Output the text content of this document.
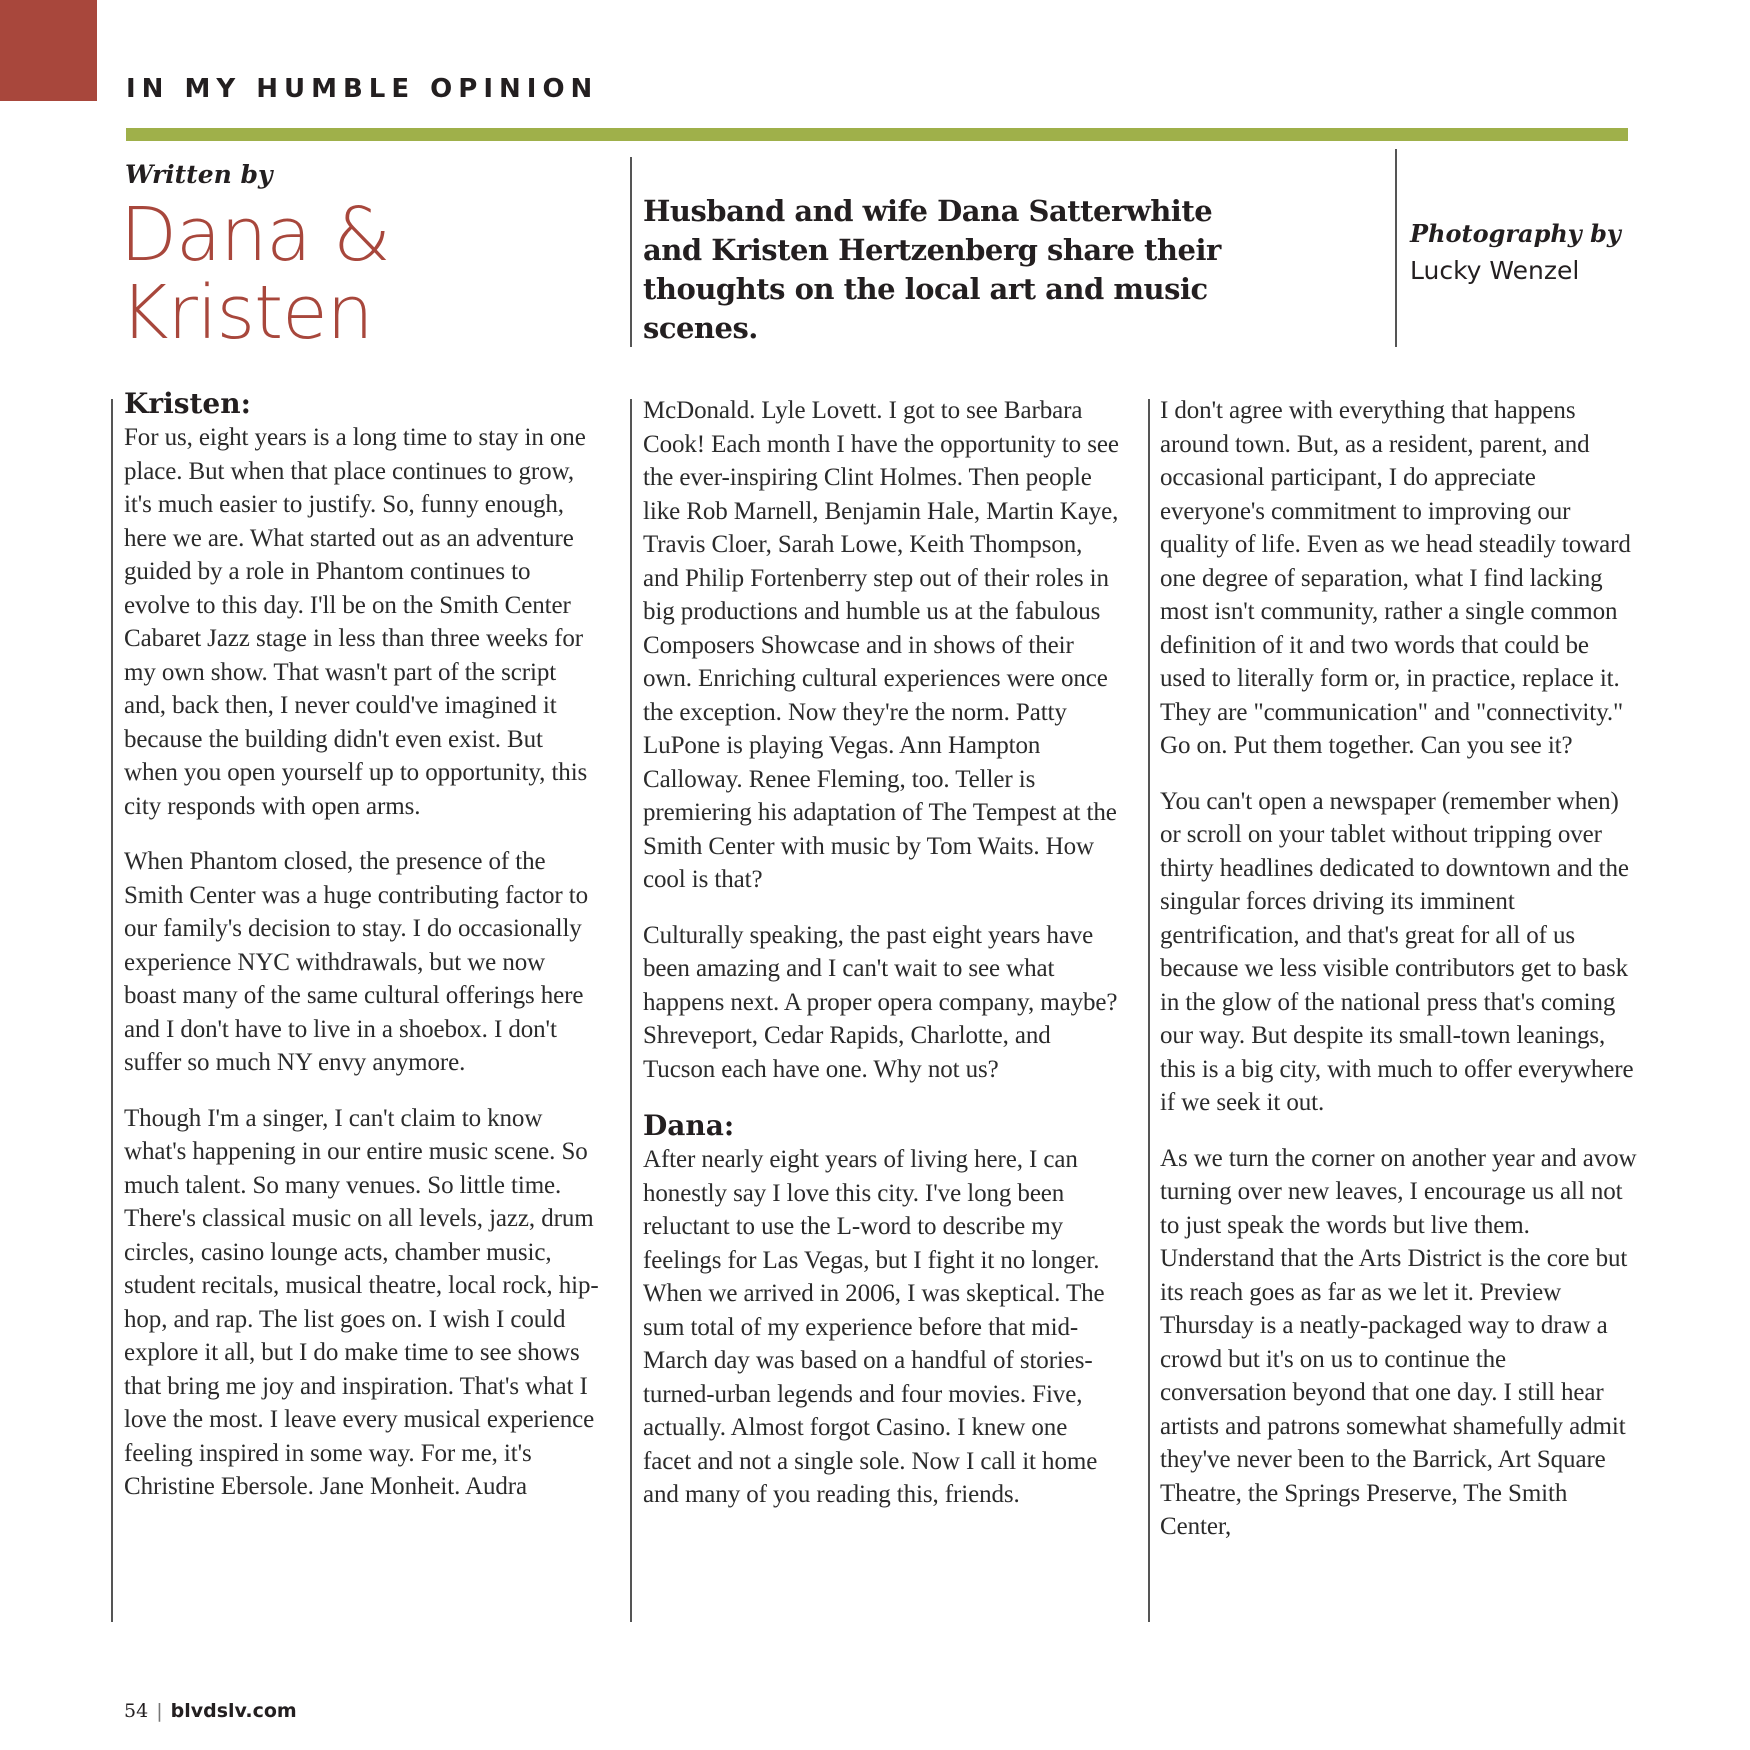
IN MY HUMBLE OPINION
Written by
Dana &
Kristen

Husband and wife Dana Satterwhite and Kristen Hertzenberg share their thoughts on the local art and music scenes.

Photography by
Lucky Wenzel
Kristen:

For us, eight years is a long time to stay in one place. But when that place continues to grow, it's much easier to justify. So, funny enough, here we are. What started out as an adventure guided by a role in Phantom continues to evolve to this day. I'll be on the Smith Center Cabaret Jazz stage in less than three weeks for my own show. That wasn't part of the script and, back then, I never could've imagined it because the building didn't even exist. But when you open yourself up to opportunity, this city responds with open arms.

When Phantom closed, the presence of the Smith Center was a huge contributing factor to our family's decision to stay. I do occasionally experience NYC withdrawals, but we now boast many of the same cultural offerings here and I don't have to live in a shoebox. I don't suffer so much NY envy anymore.

Though I'm a singer, I can't claim to know what's happening in our entire music scene. So much talent. So many venues. So little time. There's classical music on all levels, jazz, drum circles, casino lounge acts, chamber music, student recitals, musical theatre, local rock, hip-hop, and rap. The list goes on. I wish I could explore it all, but I do make time to see shows that bring me joy and inspiration. That's what I love the most. I leave every musical experience feeling inspired in some way. For me, it's Christine Ebersole. Jane Monheit. Audra

McDonald. Lyle Lovett. I got to see Barbara Cook! Each month I have the opportunity to see the ever-inspiring Clint Holmes. Then people like Rob Marnell, Benjamin Hale, Martin Kaye, Travis Cloer, Sarah Lowe, Keith Thompson, and Philip Fortenberry step out of their roles in big productions and humble us at the fabulous Composers Showcase and in shows of their own. Enriching cultural experiences were once the exception. Now they're the norm. Patty LuPone is playing Vegas. Ann Hampton Calloway. Renee Fleming, too. Teller is premiering his adaptation of The Tempest at the Smith Center with music by Tom Waits. How cool is that?

Culturally speaking, the past eight years have been amazing and I can't wait to see what happens next. A proper opera company, maybe? Shreveport, Cedar Rapids, Charlotte, and Tucson each have one. Why not us?

Dana:

After nearly eight years of living here, I can honestly say I love this city. I've long been reluctant to use the L-word to describe my feelings for Las Vegas, but I fight it no longer. When we arrived in 2006, I was skeptical. The sum total of my experience before that mid-March day was based on a handful of stories-turned-urban legends and four movies. Five, actually. Almost forgot Casino. I knew one facet and not a single sole. Now I call it home and many of you reading this, friends.

I don't agree with everything that happens around town. But, as a resident, parent, and occasional participant, I do appreciate everyone's commitment to improving our quality of life. Even as we head steadily toward one degree of separation, what I find lacking most isn't community, rather a single common definition of it and two words that could be used to literally form or, in practice, replace it. They are "communication" and "connectivity." Go on. Put them together. Can you see it?

You can't open a newspaper (remember when) or scroll on your tablet without tripping over thirty headlines dedicated to downtown and the singular forces driving its imminent gentrification, and that's great for all of us because we less visible contributors get to bask in the glow of the national press that's coming our way. But despite its small-town leanings, this is a big city, with much to offer everywhere if we seek it out.

As we turn the corner on another year and avow turning over new leaves, I encourage us all not to just speak the words but live them. Understand that the Arts District is the core but its reach goes as far as we let it. Preview Thursday is a neatly-packaged way to draw a crowd but it's on us to continue the conversation beyond that one day. I still hear artists and patrons somewhat shamefully admit they've never been to the Barrick, Art Square Theatre, the Springs Preserve, The Smith Center,

54 | blvdslv.com
